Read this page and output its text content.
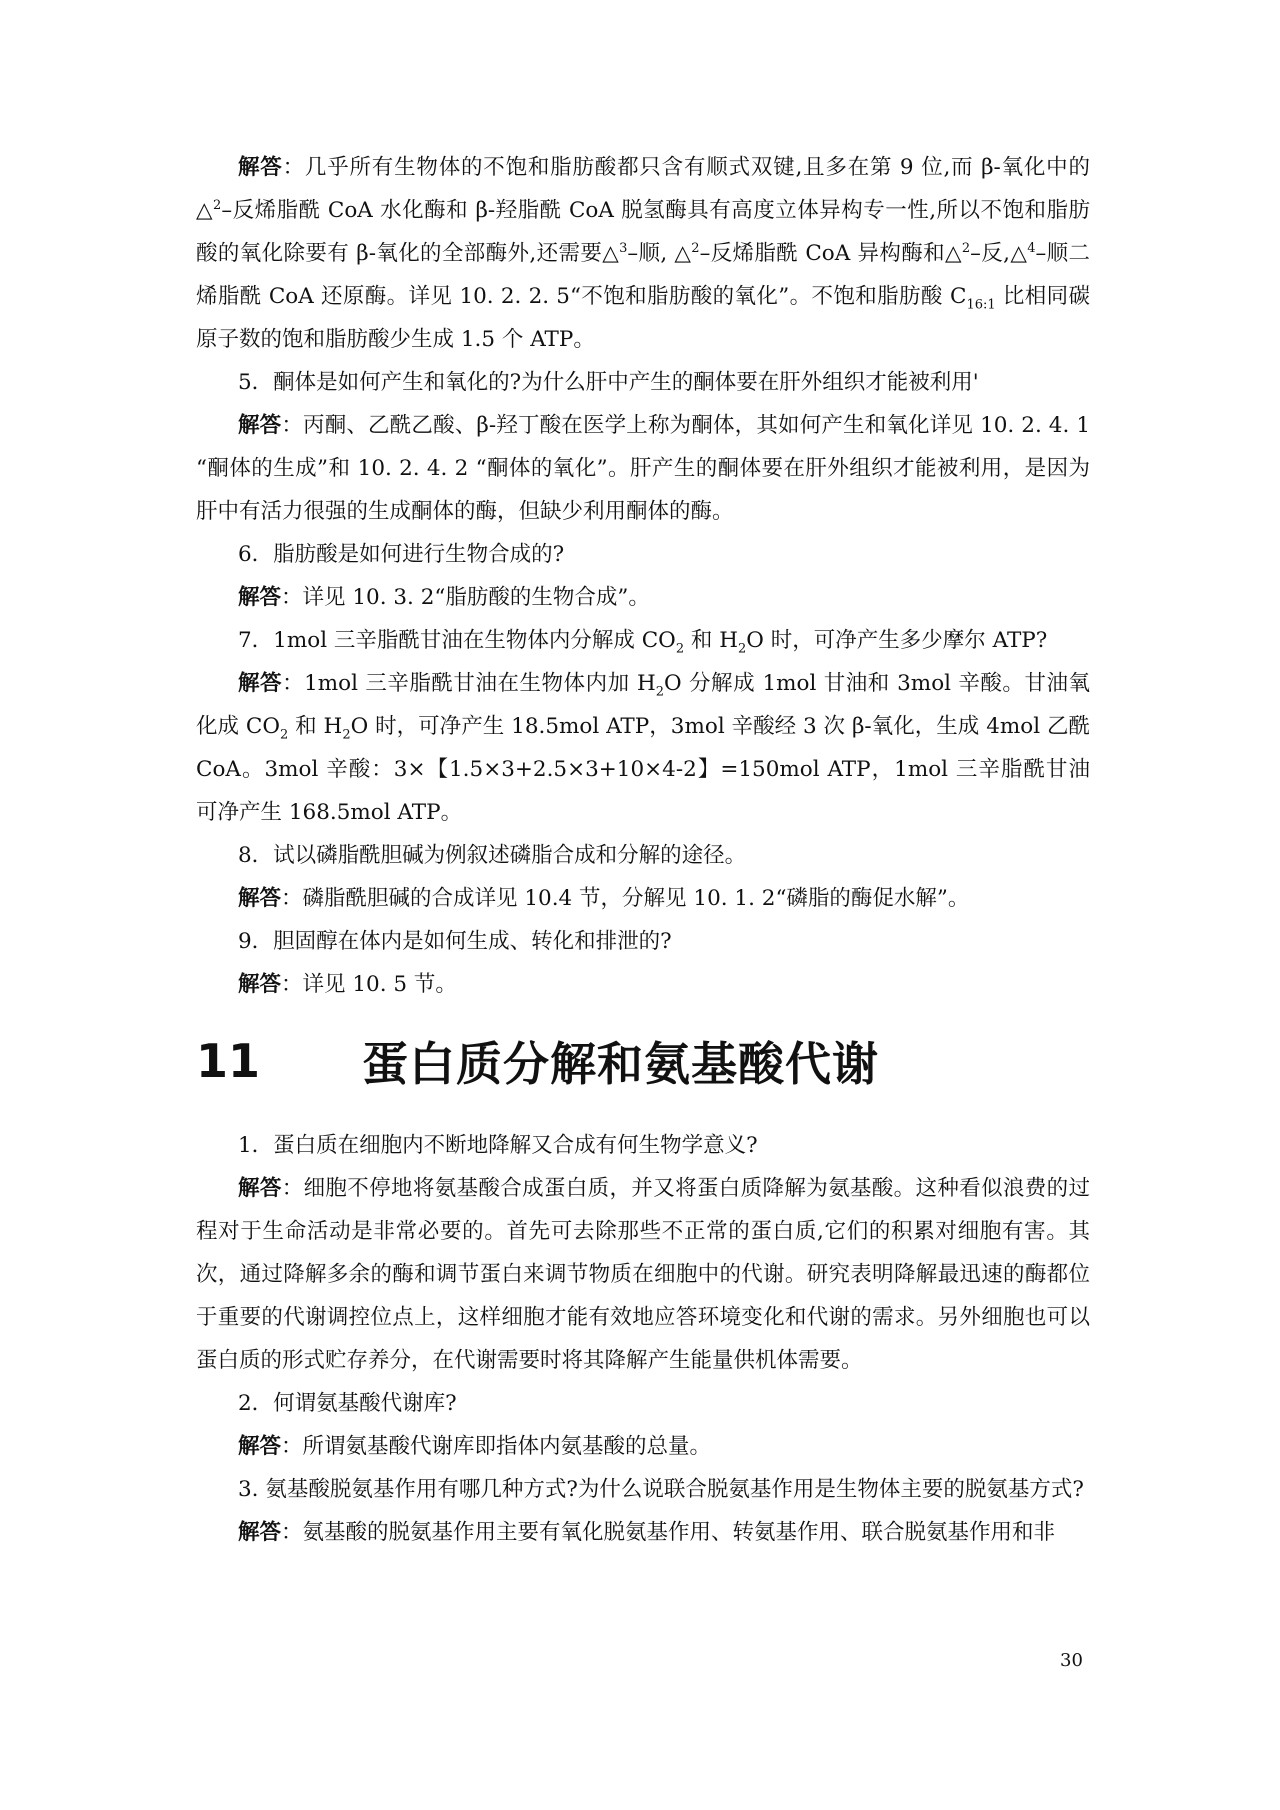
解答：几乎所有生物体的不饱和脂肪酸都只含有顺式双键,且多在第 9 位,而 β-氧化中的△$^2$–反烯脂酰 CoA 水化酶和 β-羟脂酰 CoA 脱氢酶具有高度立体异构专一性,所以不饱和脂肪酸的氧化除要有 β-氧化的全部酶外,还需要△$^3$–顺, △$^2$–反烯脂酰 CoA 异构酶和△$^2$–反,△$^4$–顺二烯脂酰 CoA 还原酶。详见 10. 2. 2. 5“不饱和脂肪酸的氧化”。不饱和脂肪酸 $C_{16:1}$ 比相同碳原子数的饱和脂肪酸少生成 1.5 个 ATP。

5．酮体是如何产生和氧化的?为什么肝中产生的酮体要在肝外组织才能被利用'

解答：丙酮、乙酰乙酸、β-羟丁酸在医学上称为酮体，其如何产生和氧化详见 10. 2. 4. 1 “酮体的生成”和 10. 2. 4. 2 “酮体的氧化”。肝产生的酮体要在肝外组织才能被利用，是因为肝中有活力很强的生成酮体的酶，但缺少利用酮体的酶。

6．脂肪酸是如何进行生物合成的?

解答：详见 10. 3. 2“脂肪酸的生物合成”。

7．1mol 三辛脂酰甘油在生物体内分解成 $CO_2$ 和 $H_2O$ 时，可净产生多少摩尔 ATP?

解答：1mol 三辛脂酰甘油在生物体内加 $H_2O$ 分解成 1mol 甘油和 3mol 辛酸。甘油氧化成 $CO_2$ 和 $H_2O$ 时，可净产生 18.5mol ATP，3mol 辛酸经 3 次 β-氧化，生成 4mol 乙酰 CoA。3mol 辛酸：3×【1.5×3+2.5×3+10×4-2】=150mol ATP，1mol 三辛脂酰甘油可净产生 168.5mol ATP。

8．试以磷脂酰胆碱为例叙述磷脂合成和分解的途径。

解答：磷脂酰胆碱的合成详见 10.4 节，分解见 10. 1. 2“磷脂的酶促水解”。

9．胆固醇在体内是如何生成、转化和排泄的?

解答：详见 10. 5 节。

11	蛋白质分解和氨基酸代谢

1．蛋白质在细胞内不断地降解又合成有何生物学意义?

解答：细胞不停地将氨基酸合成蛋白质，并又将蛋白质降解为氨基酸。这种看似浪费的过程对于生命活动是非常必要的。首先可去除那些不正常的蛋白质,它们的积累对细胞有害。其次，通过降解多余的酶和调节蛋白来调节物质在细胞中的代谢。研究表明降解最迅速的酶都位于重要的代谢调控位点上，这样细胞才能有效地应答环境变化和代谢的需求。另外细胞也可以蛋白质的形式贮存养分，在代谢需要时将其降解产生能量供机体需要。

2．何谓氨基酸代谢库?

解答：所谓氨基酸代谢库即指体内氨基酸的总量。

3. 氨基酸脱氨基作用有哪几种方式?为什么说联合脱氨基作用是生物体主要的脱氨基方式?

解答：氨基酸的脱氨基作用主要有氧化脱氨基作用、转氨基作用、联合脱氨基作用和非

30
